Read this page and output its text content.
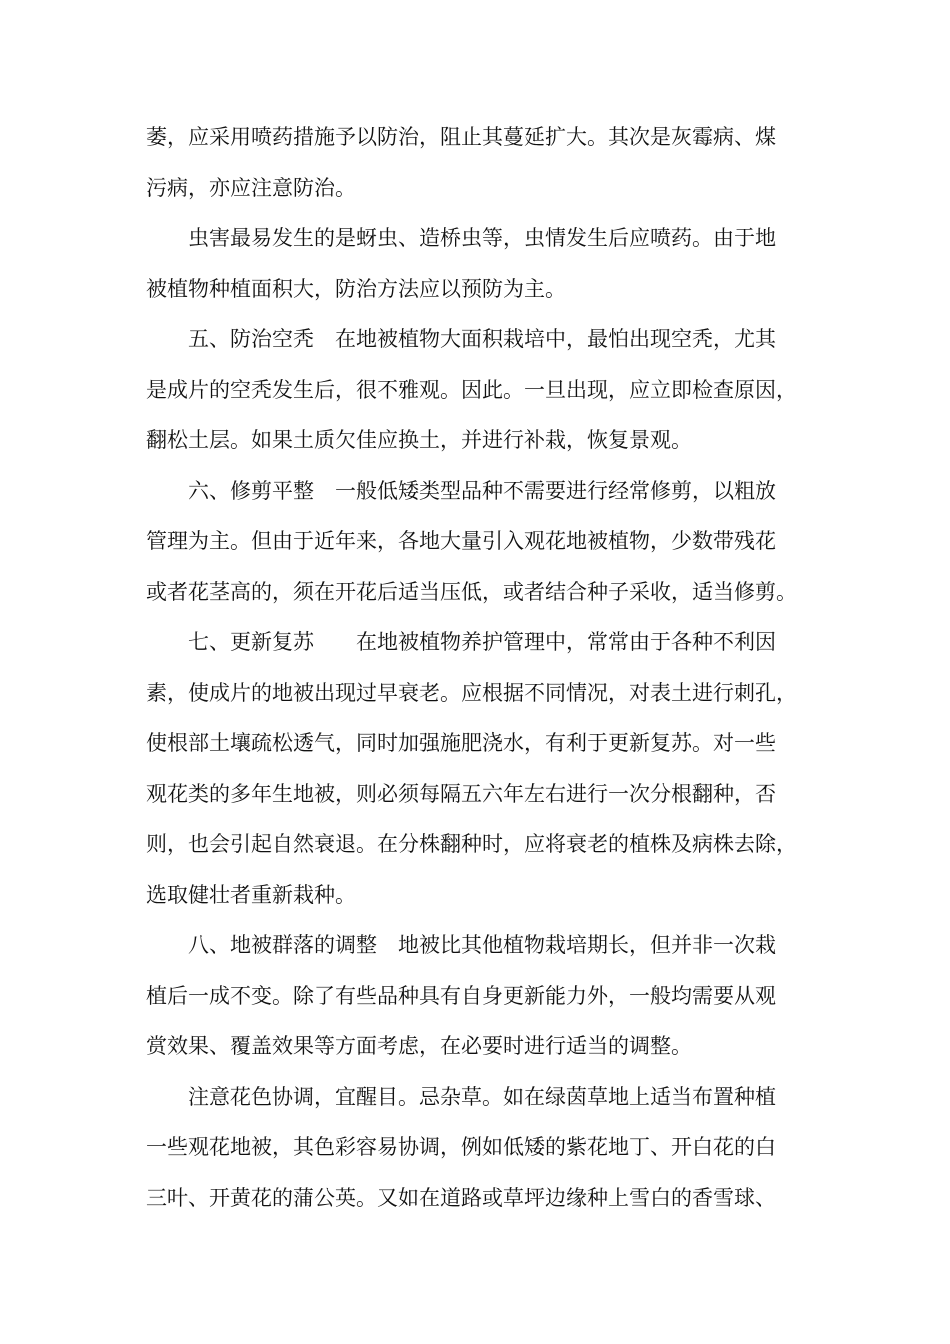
萎，应采用喷药措施予以防治，阻止其蔓延扩大。其次是灰霉病、煤
污病，亦应注意防治。
　　虫害最易发生的是蚜虫、造桥虫等，虫情发生后应喷药。由于地
被植物种植面积大，防治方法应以预防为主。
　　五、防治空秃　在地被植物大面积栽培中，最怕出现空秃，尤其
是成片的空秃发生后，很不雅观。因此。一旦出现，应立即检查原因，
翻松土层。如果土质欠佳应换土，并进行补栽，恢复景观。
　　六、修剪平整　一般低矮类型品种不需要进行经常修剪，以粗放
管理为主。但由于近年来，各地大量引入观花地被植物，少数带残花
或者花茎高的，须在开花后适当压低，或者结合种子采收，适当修剪。
　　七、更新复苏　　在地被植物养护管理中，常常由于各种不利因
素，使成片的地被出现过早衰老。应根据不同情况，对表土进行刺孔，
使根部土壤疏松透气，同时加强施肥浇水，有利于更新复苏。对一些
观花类的多年生地被，则必须每隔五六年左右进行一次分根翻种，否
则，也会引起自然衰退。在分株翻种时，应将衰老的植株及病株去除，
选取健壮者重新栽种。
　　八、地被群落的调整　地被比其他植物栽培期长，但并非一次栽
植后一成不变。除了有些品种具有自身更新能力外，一般均需要从观
赏效果、覆盖效果等方面考虑，在必要时进行适当的调整。
　　注意花色协调，宜醒目。忌杂草。如在绿茵草地上适当布置种植
一些观花地被，其色彩容易协调，例如低矮的紫花地丁、开白花的白
三叶、开黄花的蒲公英。又如在道路或草坪边缘种上雪白的香雪球、
